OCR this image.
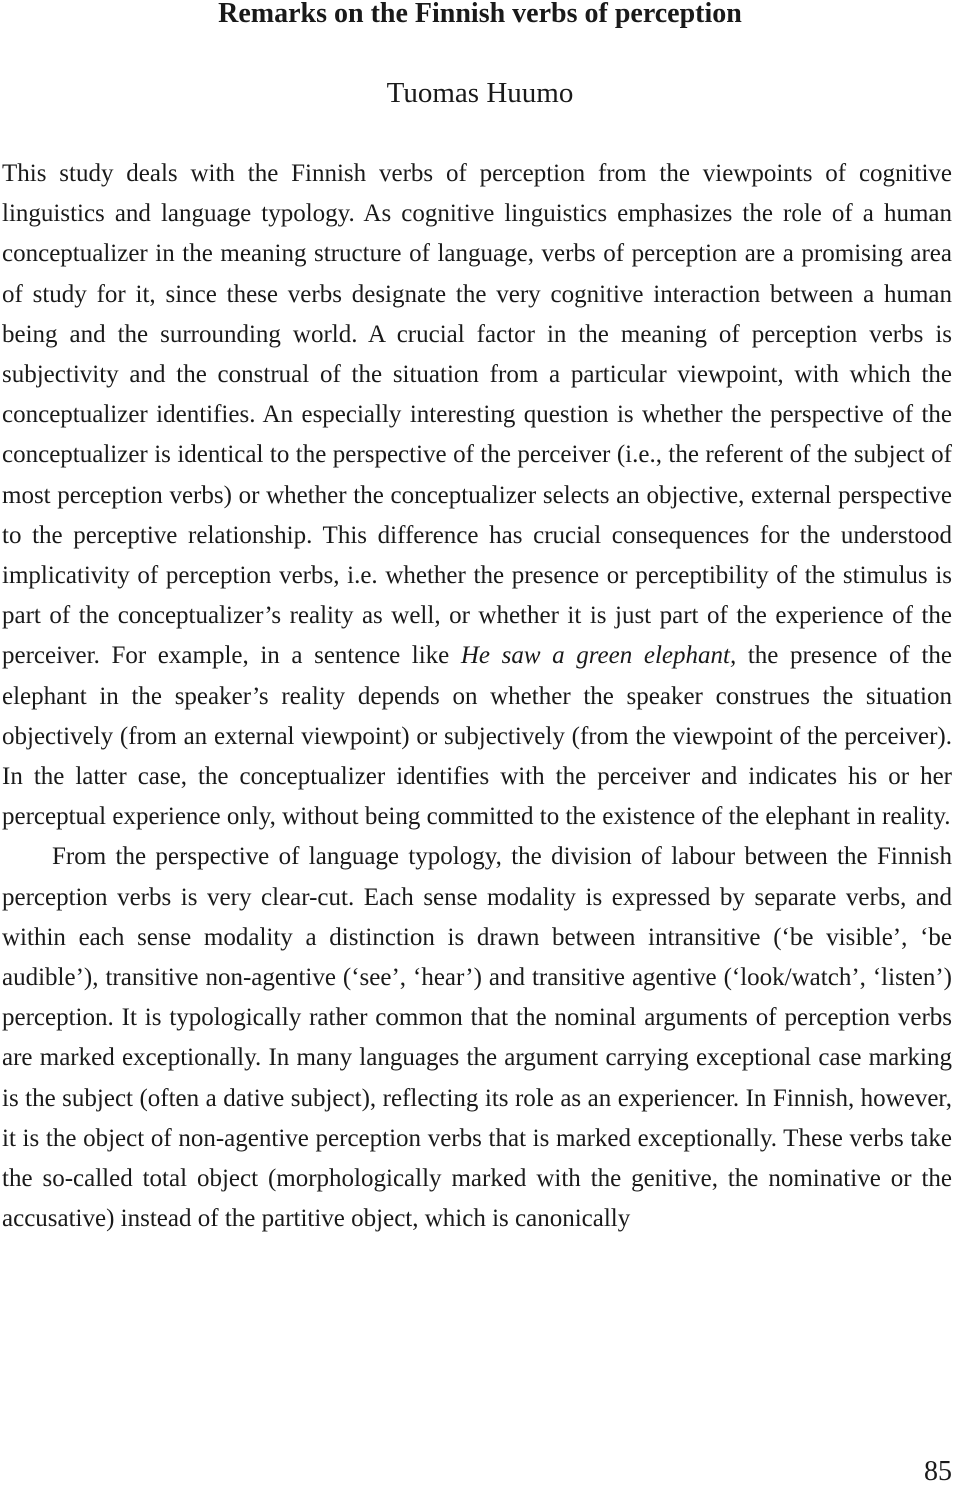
Remarks on the Finnish verbs of perception
Tuomas Huumo

This study deals with the Finnish verbs of perception from the viewpoints of cognitive linguistics and language typology. As cognitive linguistics emphasizes the role of a human conceptualizer in the meaning structure of language, verbs of perception are a promising area of study for it, since these verbs designate the very cognitive interaction between a human being and the surrounding world. A crucial factor in the meaning of perception verbs is subjectivity and the construal of the situation from a particular viewpoint, with which the conceptualizer identifies. An especially interesting question is whether the perspective of the conceptualizer is identical to the perspective of the perceiver (i.e., the referent of the subject of most perception verbs) or whether the conceptualizer selects an objective, external perspective to the perceptive relationship. This difference has crucial consequences for the understood implicativity of perception verbs, i.e. whether the presence or perceptibility of the stimulus is part of the conceptualizer’s reality as well, or whether it is just part of the experience of the perceiver. For example, in a sentence like He saw a green elephant, the presence of the elephant in the speaker’s reality depends on whether the speaker construes the situation objectively (from an external viewpoint) or subjectively (from the viewpoint of the perceiver). In the latter case, the conceptualizer identifies with the perceiver and indicates his or her perceptual experience only, without being committed to the existence of the elephant in reality.

From the perspective of language typology, the division of labour between the Finnish perception verbs is very clear-cut. Each sense modality is expressed by separate verbs, and within each sense modality a distinction is drawn between intransitive (‘be visible’, ‘be audible’), transitive non-agentive (‘see’, ‘hear’) and transitive agentive (‘look/watch’, ‘listen’) perception. It is typologically rather common that the nominal arguments of perception verbs are marked exceptionally. In many languages the argument carrying exceptional case marking is the subject (often a dative subject), reflecting its role as an experiencer. In Finnish, however, it is the object of non-agentive perception verbs that is marked exceptionally. These verbs take the so-called total object (morphologically marked with the genitive, the nominative or the accusative) instead of the partitive object, which is canonically

85
